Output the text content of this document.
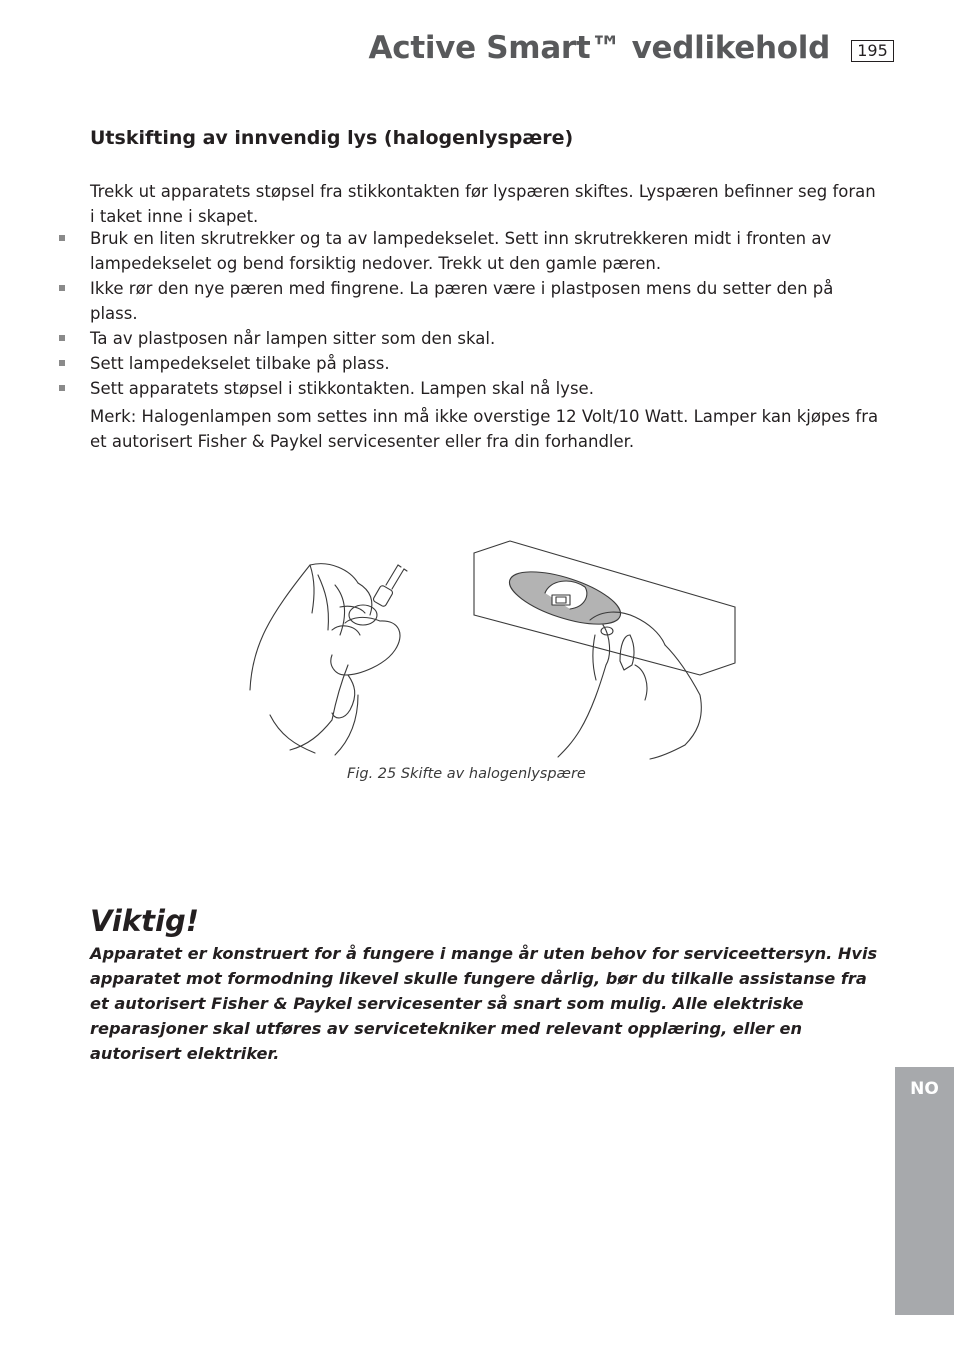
Active Smart™ vedlikehold	195
Utskifting av innvendig lys (halogenlyspære)
Trekk ut apparatets støpsel fra stikkontakten før lyspæren skiftes. Lyspæren befinner seg foran i taket inne i skapet.
Bruk en liten skrutrekker og ta av lampedekselet. Sett inn skrutrekkeren midt i fronten av lampedekselet og bend forsiktig nedover. Trekk ut den gamle pæren.
Ikke rør den nye pæren med fingrene. La pæren være i plastposen mens du setter den på plass.
Ta av plastposen når lampen sitter som den skal.
Sett lampedekselet tilbake på plass.
Sett apparatets støpsel i stikkontakten. Lampen skal nå lyse.
Merk: Halogenlampen som settes inn må ikke overstige 12 Volt/10 Watt. Lamper kan kjøpes fra et autorisert Fisher & Paykel servicesenter eller fra din forhandler.
Fig. 25 Skifte av halogenlyspære
Viktig!
Apparatet er konstruert for å fungere i mange år uten behov for serviceettersyn. Hvis apparatet mot formodning likevel skulle fungere dårlig, bør du tilkalle assistanse fra et autorisert Fisher & Paykel servicesenter så snart som mulig. Alle elektriske reparasjoner skal utføres av servicetekniker med relevant opplæring, eller en autorisert elektriker.
NO
